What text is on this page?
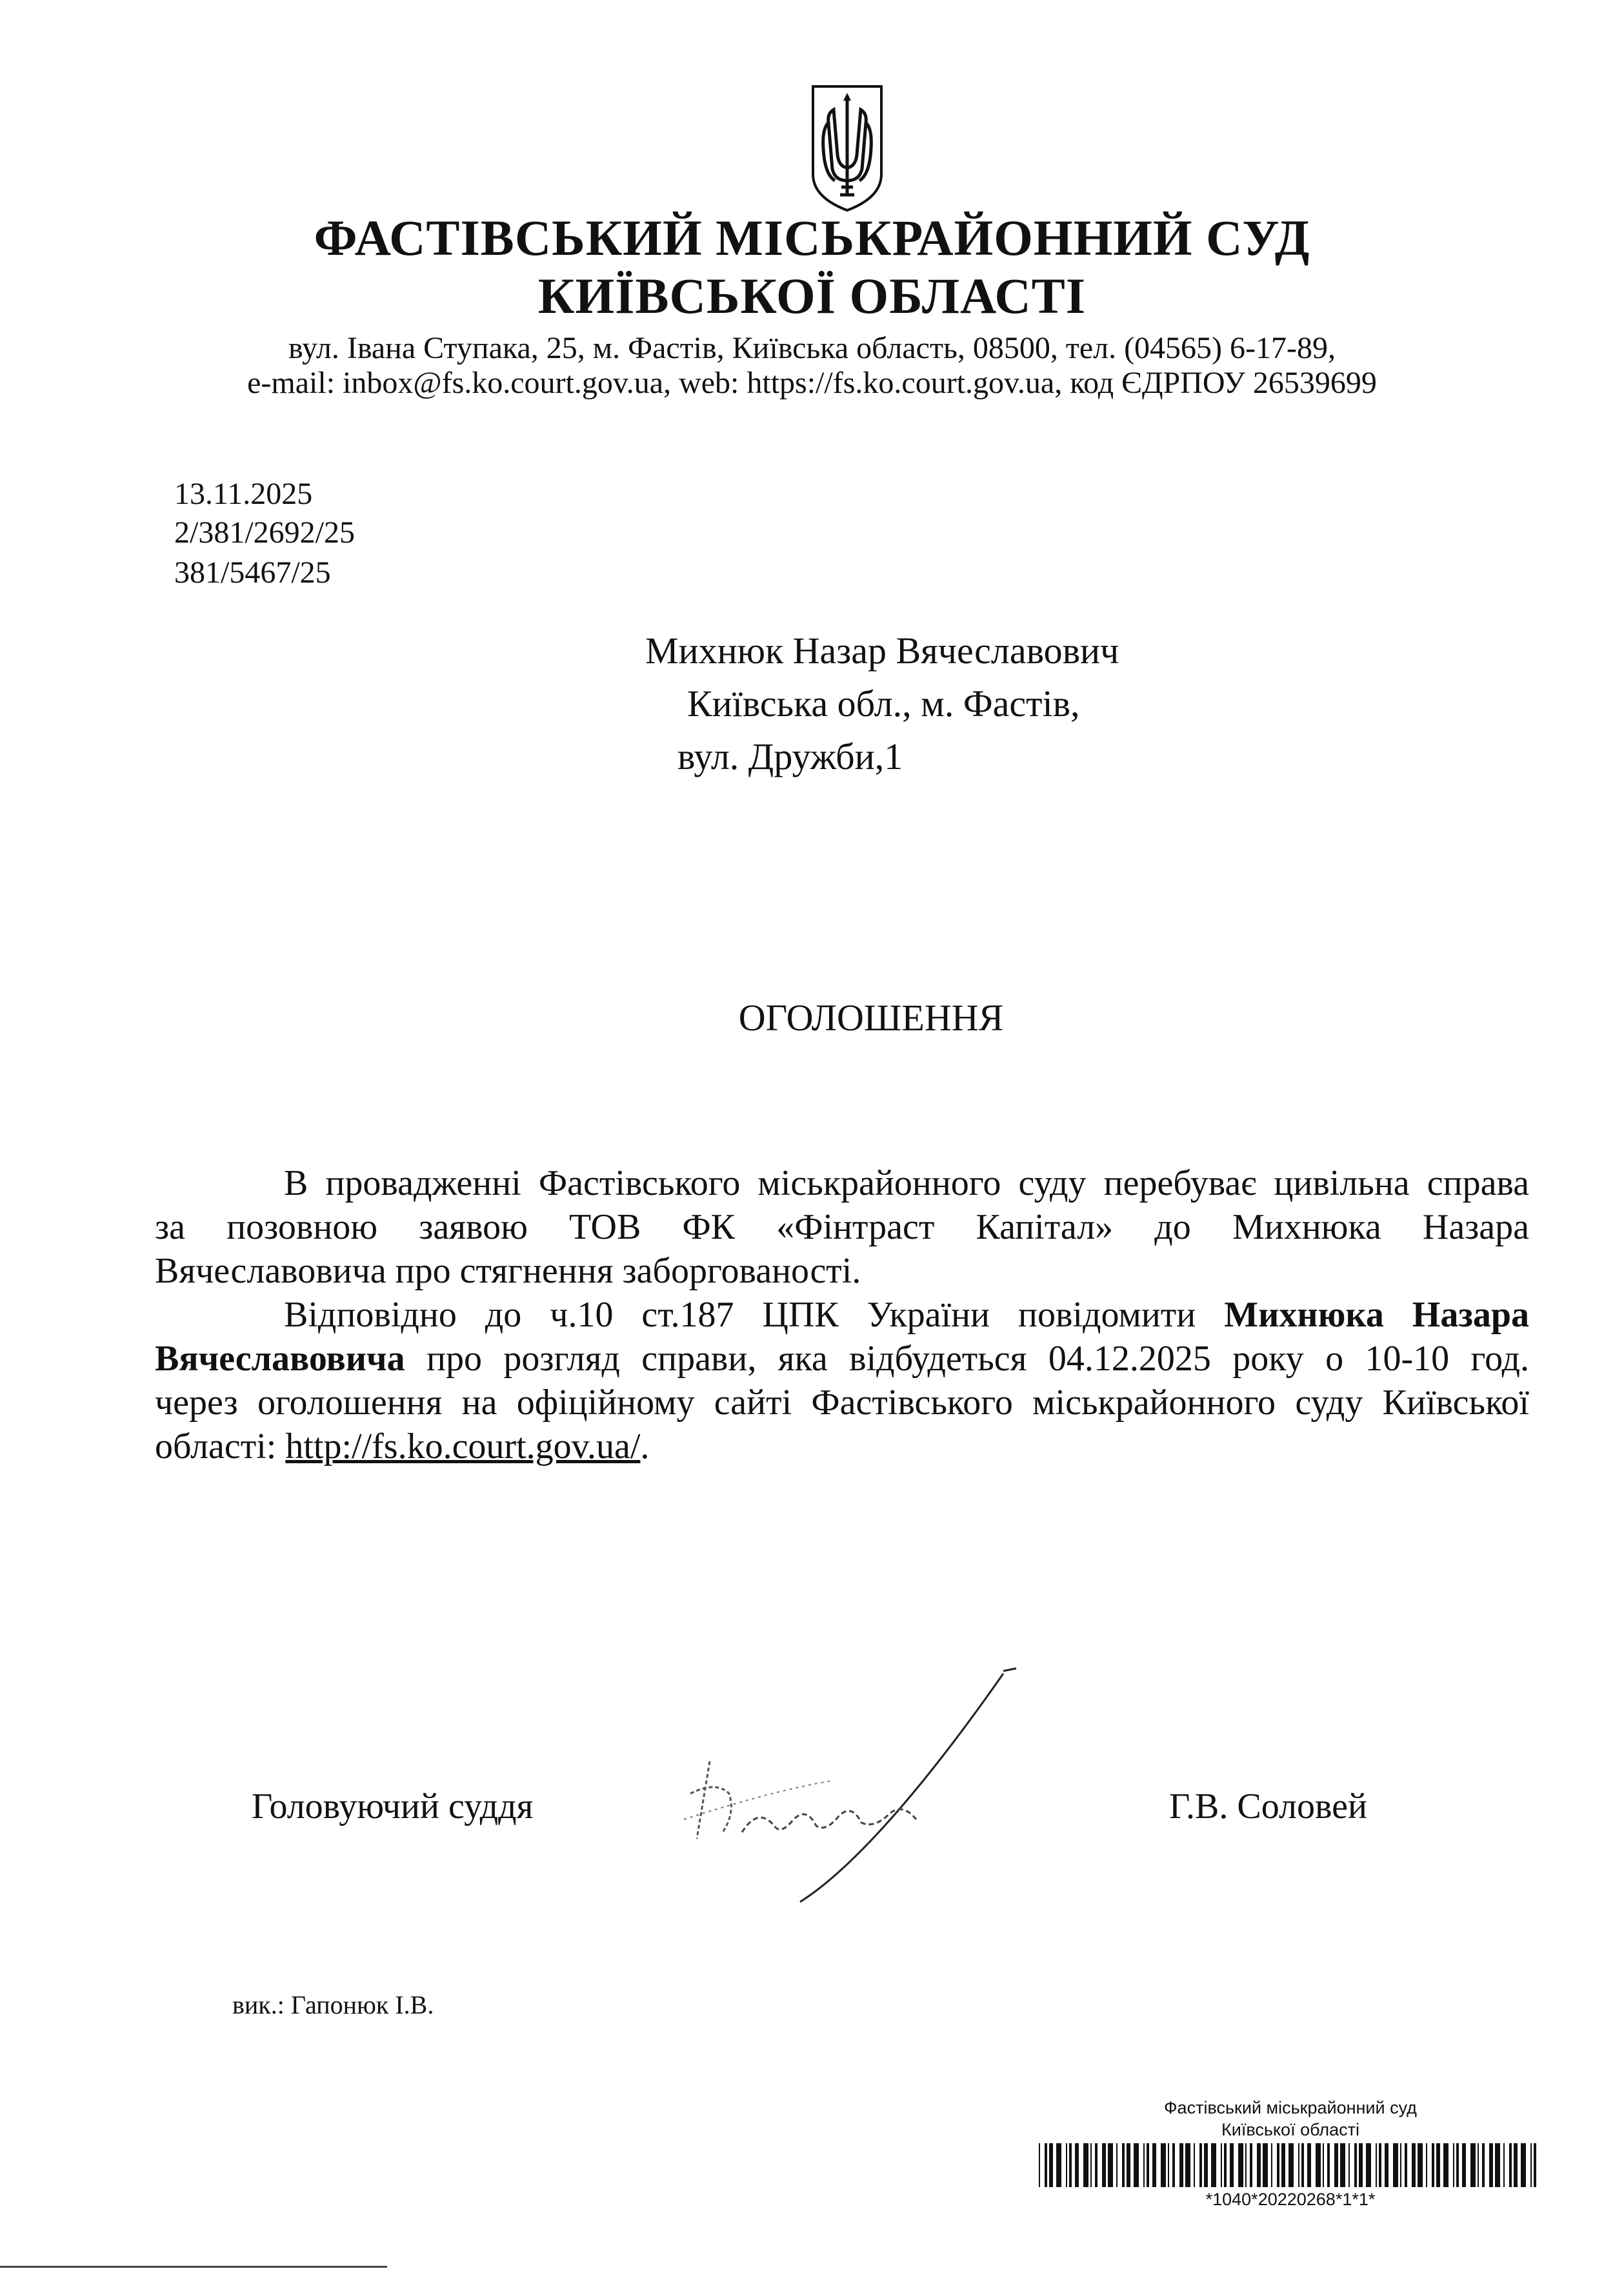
ФАСТІВСЬКИЙ МІСЬКРАЙОННИЙ СУД
КИЇВСЬКОЇ ОБЛАСТІ
вул. Івана Ступака, 25, м. Фастів, Київська область, 08500, тел. (04565) 6-17-89,
e-mail: inbox@fs.ko.court.gov.ua, web: https://fs.ko.court.gov.ua, код ЄДРПОУ 26539699
13.11.2025
2/381/2692/25
381/5467/25
Михнюк Назар Вячеславович
Київська обл., м. Фастів,
вул. Дружби,1
ОГОЛОШЕННЯ
В провадженні Фастівського міськрайонного суду перебуває цивільна справа
за позовною заявою ТОВ ФК «Фінтраст Капітал» до Михнюка Назара
Вячеславовича про стягнення заборгованості.
Відповідно до ч.10 ст.187 ЦПК України повідомити Михнюка Назара
Вячеславовича про розгляд справи, яка відбудеться 04.12.2025 року о 10-10 год.
через оголошення на офіційному сайті Фастівського міськрайонного суду Київської
області: http://fs.ko.court.gov.ua/.
Головуючий суддя	Г.В. Соловей
вик.: Гапонюк І.В.
Фастівський міськрайонний суд
Київської області
*1040*20220268*1*1*
